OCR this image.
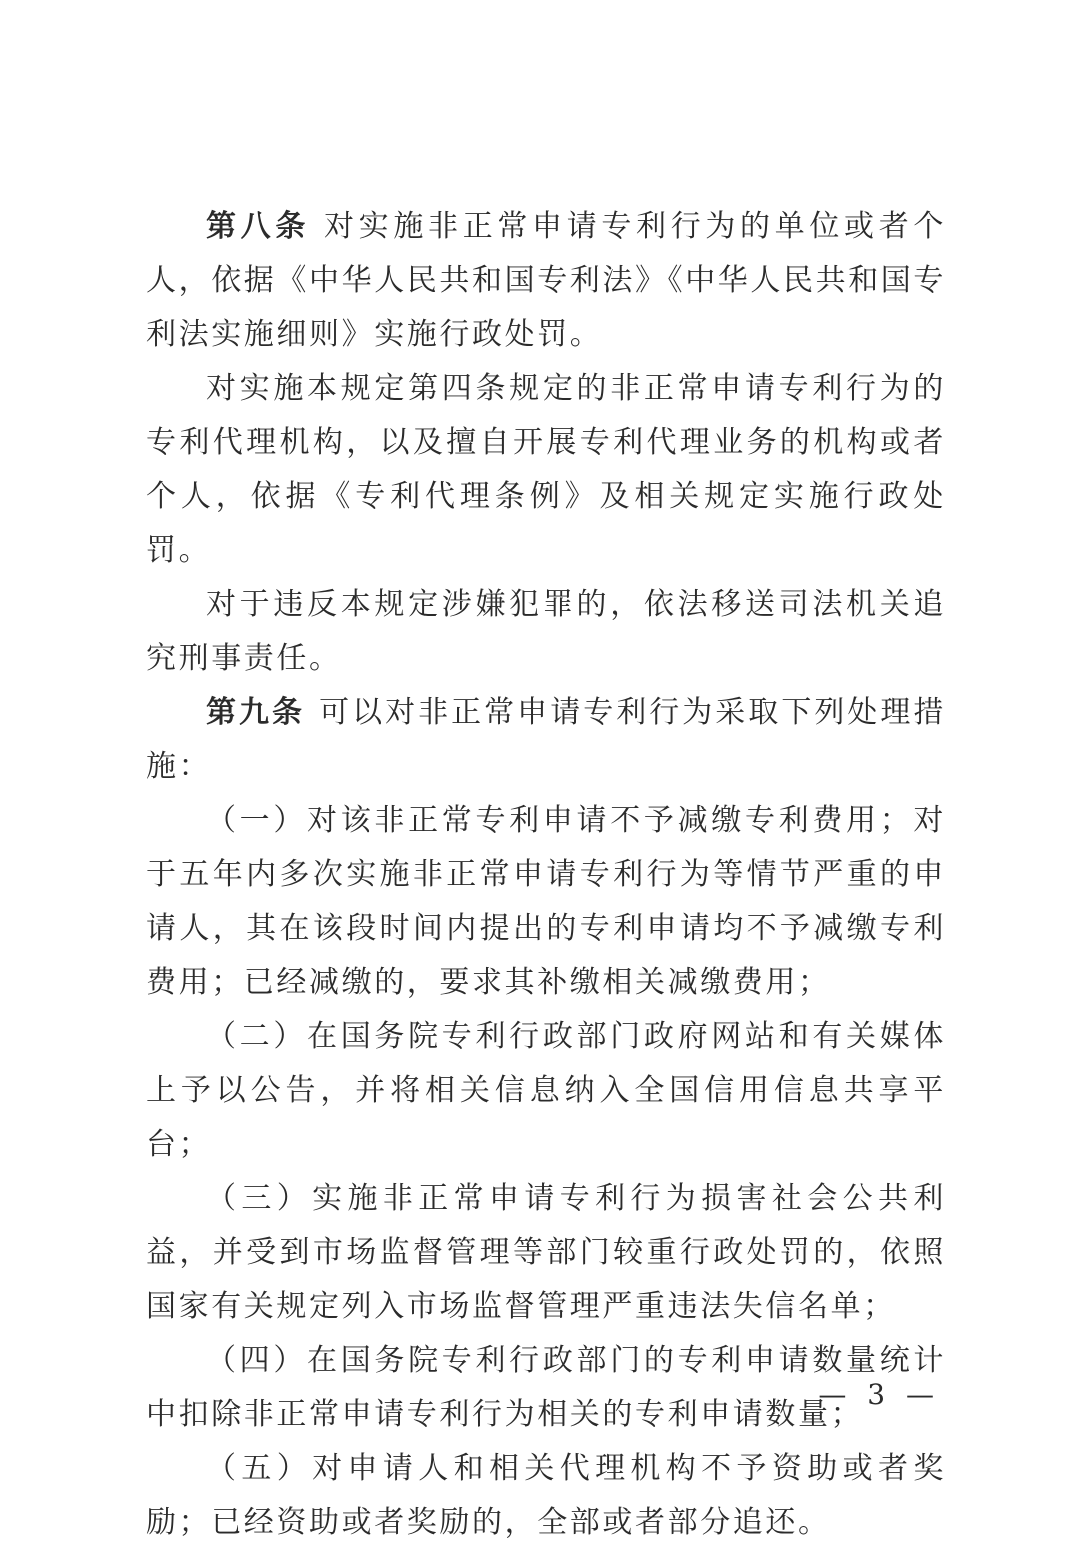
第八条 对实施非正常申请专利行为的单位或者个人，依据《中华人民共和国专利法》《中华人民共和国专利法实施细则》实施行政处罚。

对实施本规定第四条规定的非正常申请专利行为的专利代理机构，以及擅自开展专利代理业务的机构或者个人，依据《专利代理条例》及相关规定实施行政处罚。

对于违反本规定涉嫌犯罪的，依法移送司法机关追究刑事责任。

第九条 可以对非正常申请专利行为采取下列处理措施：

（一）对该非正常专利申请不予减缴专利费用；对于五年内多次实施非正常申请专利行为等情节严重的申请人，其在该段时间内提出的专利申请均不予减缴专利费用；已经减缴的，要求其补缴相关减缴费用；

（二）在国务院专利行政部门政府网站和有关媒体上予以公告，并将相关信息纳入全国信用信息共享平台；

（三）实施非正常申请专利行为损害社会公共利益，并受到市场监督管理等部门较重行政处罚的，依照国家有关规定列入市场监督管理严重违法失信名单；

（四）在国务院专利行政部门的专利申请数量统计中扣除非正常申请专利行为相关的专利申请数量；

（五）对申请人和相关代理机构不予资助或者奖励；已经资助或者奖励的，全部或者部分追还。

— 3 —
